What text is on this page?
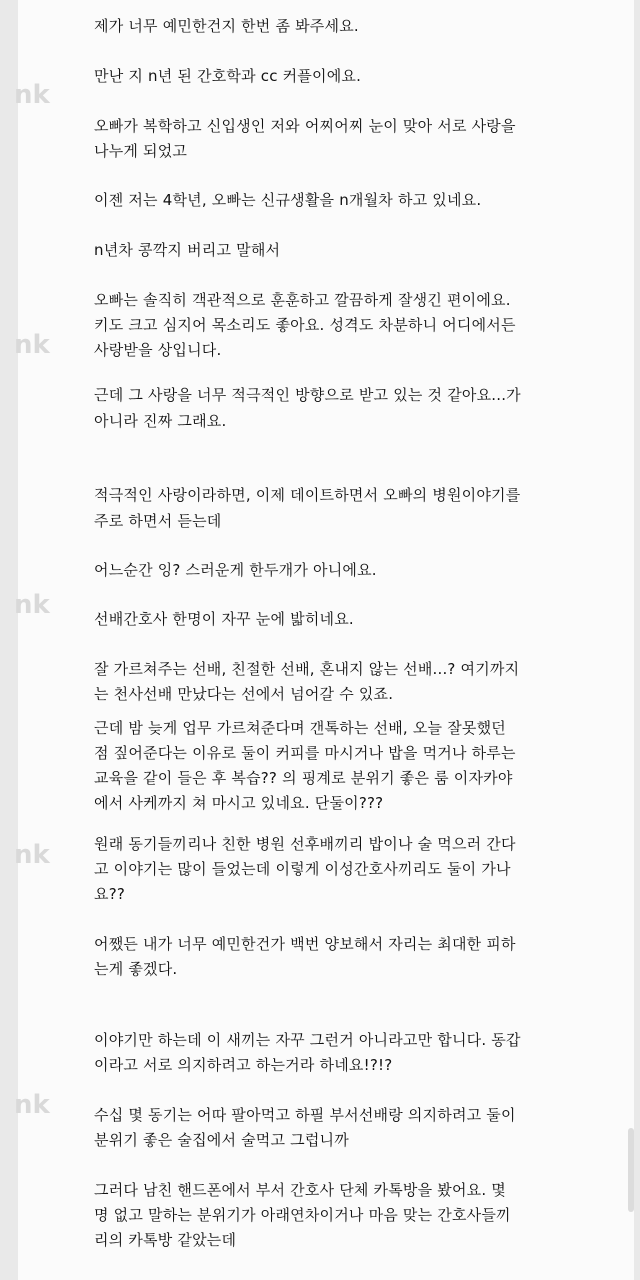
nk
nk
nk
nk
nk
제가 너무 예민한건지 한번 좀 봐주세요.
만난 지 n년 된 간호학과 cc 커플이에요.
오빠가 복학하고 신입생인 저와 어찌어찌 눈이 맞아 서로 사랑을
나누게 되었고
이젠 저는 4학년, 오빠는 신규생활을 n개월차 하고 있네요.
n년차 콩깍지 버리고 말해서
오빠는 솔직히 객관적으로 훈훈하고 깔끔하게 잘생긴 편이에요.
키도 크고 심지어 목소리도 좋아요. 성격도 차분하니 어디에서든
사랑받을 상입니다.
근데 그 사랑을 너무 적극적인 방향으로 받고 있는 것 같아요...가
아니라 진짜 그래요.
적극적인 사랑이라하면, 이제 데이트하면서 오빠의 병원이야기를
주로 하면서 듣는데
어느순간 잉? 스러운게 한두개가 아니에요.
선배간호사 한명이 자꾸 눈에 밟히네요.
잘 가르쳐주는 선배, 친절한 선배, 혼내지 않는 선배...? 여기까지
는 천사선배 만났다는 선에서 넘어갈 수 있죠.
근데 밤 늦게 업무 가르쳐준다며 갠톡하는 선배, 오늘 잘못했던
점 짚어준다는 이유로 둘이 커피를 마시거나 밥을 먹거나 하루는
교육을 같이 들은 후 복습?? 의 핑계로 분위기 좋은 룸 이자카야
에서 사케까지 쳐 마시고 있네요. 단둘이???
원래 동기들끼리나 친한 병원 선후배끼리 밥이나 술 먹으러 간다
고 이야기는 많이 들었는데 이렇게 이성간호사끼리도 둘이 가나
요??
어쨌든 내가 너무 예민한건가 백번 양보해서 자리는 최대한 피하
는게 좋겠다.
이야기만 하는데 이 새끼는 자꾸 그런거 아니라고만 합니다. 동갑
이라고 서로 의지하려고 하는거라 하네요!?!?
수십 몇 동기는 어따 팔아먹고 하필 부서선배랑 의지하려고 둘이
분위기 좋은 술집에서 술먹고 그럽니까
그러다 남친 핸드폰에서 부서 간호사 단체 카톡방을 봤어요. 몇
명 없고 말하는 분위기가 아래연차이거나 마음 맞는 간호사들끼
리의 카톡방 같았는데
